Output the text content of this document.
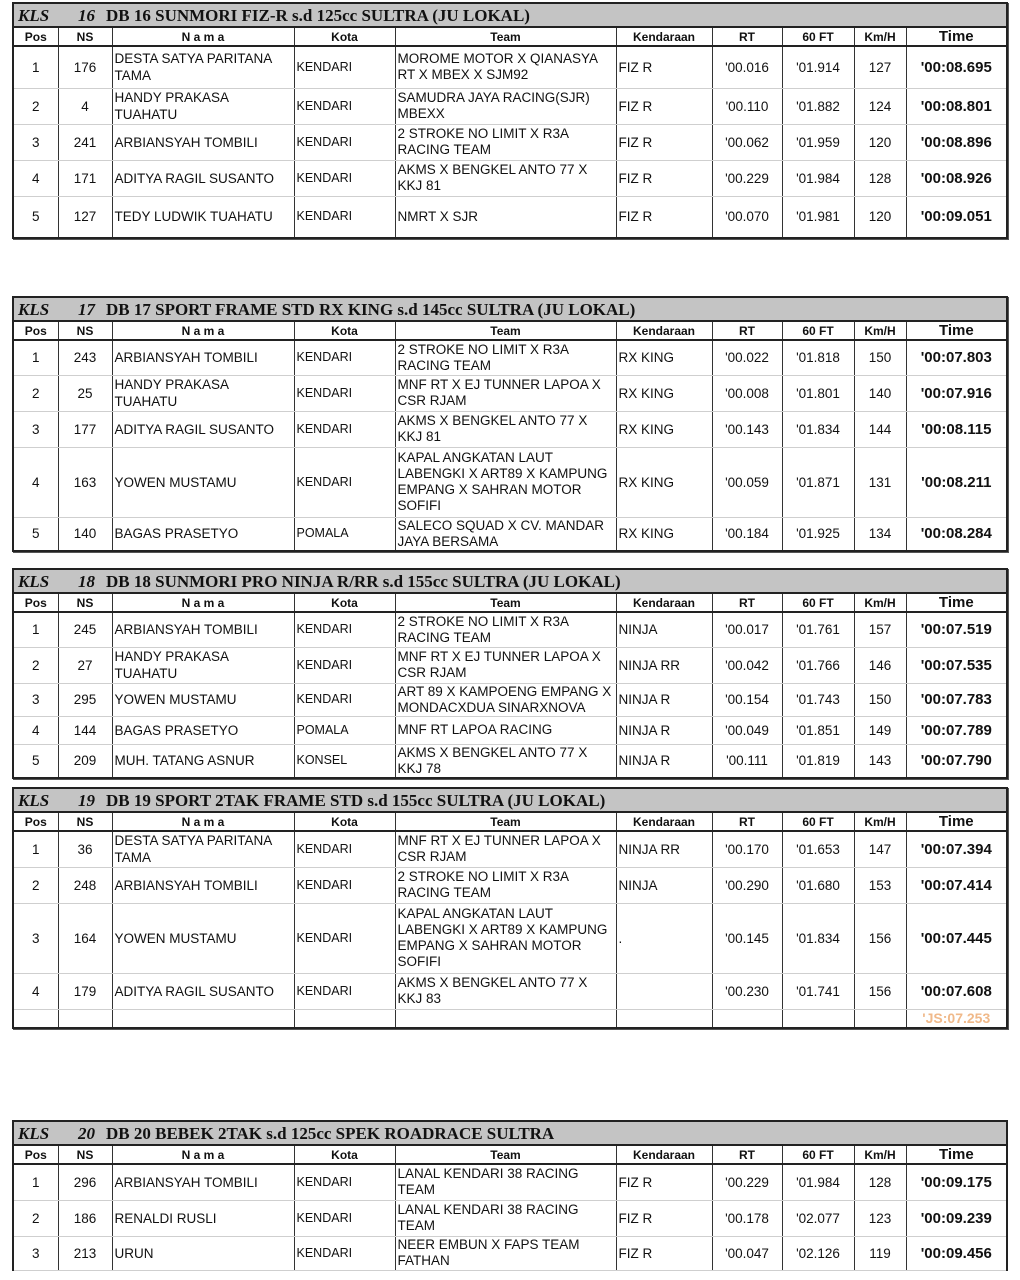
KLS 16 DB 16 SUNMORI FIZ-R s.d 125cc SULTRA (JU LOKAL)									
Pos	NS	N a m a	Kota	Team	Kendaraan	RT	60 FT	Km/H	Time
1	176	DESTA SATYA PARITANA TAMA	KENDARI	MOROME MOTOR X QIANASYA RT X MBEX X SJM92	FIZ R	'00.016	'01.914	127	'00:08.695
2	4	HANDY PRAKASA TUAHATU	KENDARI	SAMUDRA JAYA RACING(SJR) MBEXX	FIZ R	'00.110	'01.882	124	'00:08.801
3	241	ARBIANSYAH TOMBILI	KENDARI	2 STROKE NO LIMIT X R3A RACING TEAM	FIZ R	'00.062	'01.959	120	'00:08.896
4	171	ADITYA RAGIL SUSANTO	KENDARI	AKMS X BENGKEL ANTO 77 X KKJ 81	FIZ R	'00.229	'01.984	128	'00:08.926
5	127	TEDY LUDWIK TUAHATU	KENDARI	NMRT X SJR	FIZ R	'00.070	'01.981	120	'00:09.051
KLS 17 DB 17 SPORT FRAME STD RX KING s.d 145cc SULTRA (JU LOKAL)									
Pos	NS	N a m a	Kota	Team	Kendaraan	RT	60 FT	Km/H	Time
1	243	ARBIANSYAH TOMBILI	KENDARI	2 STROKE NO LIMIT X R3A RACING TEAM	RX KING	'00.022	'01.818	150	'00:07.803
2	25	HANDY PRAKASA TUAHATU	KENDARI	MNF RT X EJ TUNNER LAPOA X CSR RJAM	RX KING	'00.008	'01.801	140	'00:07.916
3	177	ADITYA RAGIL SUSANTO	KENDARI	AKMS X BENGKEL ANTO 77 X KKJ 81	RX KING	'00.143	'01.834	144	'00:08.115
4	163	YOWEN MUSTAMU	KENDARI	KAPAL ANGKATAN LAUT LABENGKI X ART89 X KAMPUNG EMPANG X SAHRAN MOTOR SOFIFI	RX KING	'00.059	'01.871	131	'00:08.211
5	140	BAGAS PRASETYO	POMALA	SALECO SQUAD X CV. MANDAR JAYA BERSAMA	RX KING	'00.184	'01.925	134	'00:08.284
KLS 18 DB 18 SUNMORI PRO NINJA R/RR s.d 155cc SULTRA (JU LOKAL)									
Pos	NS	N a m a	Kota	Team	Kendaraan	RT	60 FT	Km/H	Time
1	245	ARBIANSYAH TOMBILI	KENDARI	2 STROKE NO LIMIT X R3A RACING TEAM	NINJA	'00.017	'01.761	157	'00:07.519
2	27	HANDY PRAKASA TUAHATU	KENDARI	MNF RT X EJ TUNNER LAPOA X CSR RJAM	NINJA RR	'00.042	'01.766	146	'00:07.535
3	295	YOWEN MUSTAMU	KENDARI	ART 89 X KAMPOENG EMPANG X MONDACXDUA SINARXNOVA	NINJA R	'00.154	'01.743	150	'00:07.783
4	144	BAGAS PRASETYO	POMALA	MNF RT LAPOA RACING	NINJA R	'00.049	'01.851	149	'00:07.789
5	209	MUH. TATANG ASNUR	KONSEL	AKMS X BENGKEL ANTO 77 X KKJ 78	NINJA R	'00.111	'01.819	143	'00:07.790
KLS 19 DB 19 SPORT 2TAK FRAME STD s.d 155cc SULTRA (JU LOKAL)									
Pos	NS	N a m a	Kota	Team	Kendaraan	RT	60 FT	Km/H	Time
1	36	DESTA SATYA PARITANA TAMA	KENDARI	MNF RT X EJ TUNNER LAPOA X CSR RJAM	NINJA RR	'00.170	'01.653	147	'00:07.394
2	248	ARBIANSYAH TOMBILI	KENDARI	2 STROKE NO LIMIT X R3A RACING TEAM	NINJA	'00.290	'01.680	153	'00:07.414
3	164	YOWEN MUSTAMU	KENDARI	KAPAL ANGKATAN LAUT LABENGKI X ART89 X KAMPUNG EMPANG X SAHRAN MOTOR SOFIFI	.	'00.145	'01.834	156	'00:07.445
4	179	ADITYA RAGIL SUSANTO	KENDARI	AKMS X BENGKEL ANTO 77 X KKJ 83		'00.230	'01.741	156	'00:07.608
									'JS:07.253
KLS 20 DB 20 BEBEK 2TAK s.d 125cc SPEK ROADRACE SULTRA									
Pos	NS	N a m a	Kota	Team	Kendaraan	RT	60 FT	Km/H	Time
1	296	ARBIANSYAH TOMBILI	KENDARI	LANAL KENDARI 38 RACING TEAM	FIZ R	'00.229	'01.984	128	'00:09.175
2	186	RENALDI RUSLI	KENDARI	LANAL KENDARI 38 RACING TEAM	FIZ R	'00.178	'02.077	123	'00:09.239
3	213	URUN	KENDARI	NEER EMBUN X FAPS TEAM FATHAN	FIZ R	'00.047	'02.126	119	'00:09.456
